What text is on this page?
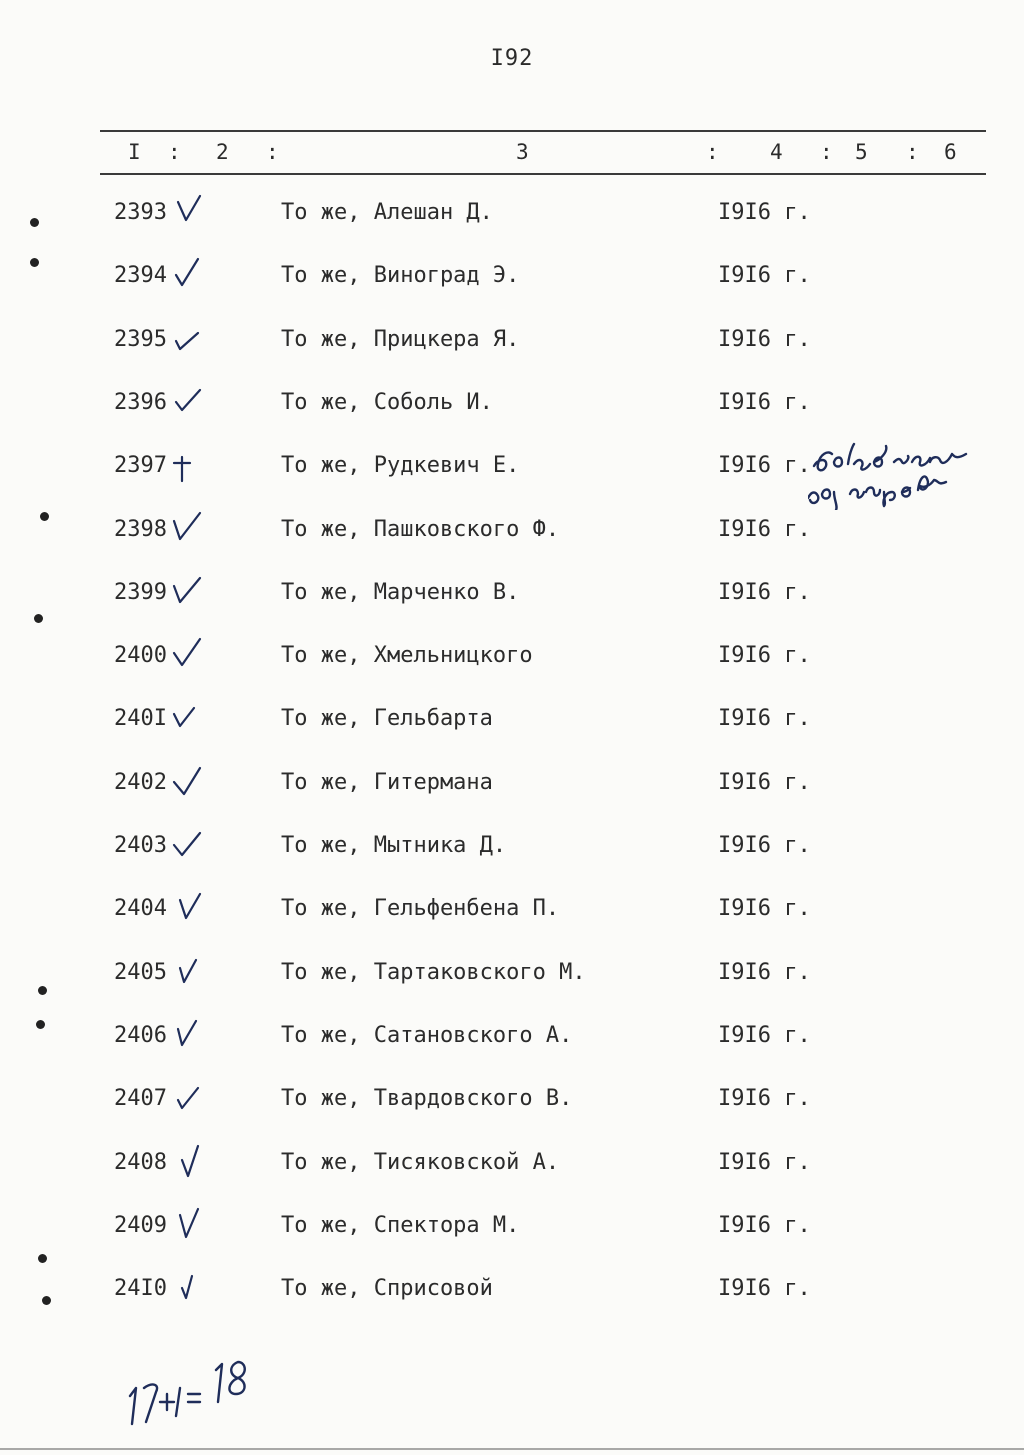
I92
I : 2 :	3	: 4 : 5 : 6
2393	То же, Алешан Д.	I9I6 г.
2394	То же, Виноград Э.	I9I6 г.
2395	То же, Прицкера Я.	I9I6 г.
2396	То же, Соболь И.	I9I6 г.
2397	То же, Рудкевич Е.	I9I6 г.
2398	То же, Пашковского Ф.	I9I6 г.
2399	То же, Марченко В.	I9I6 г.
2400	То же, Хмельницкого	I9I6 г.
240I	То же, Гельбарта	I9I6 г.
2402	То же, Гитермана	I9I6 г.
2403	То же, Мытника Д.	I9I6 г.
2404	То же, Гельфенбена П.	I9I6 г.
2405	То же, Тартаковского М.	I9I6 г.
2406	То же, Сатановского А.	I9I6 г.
2407	То же, Твардовского В.	I9I6 г.
2408	То же, Тисяковской А.	I9I6 г.
2409	То же, Спектора М.	I9I6 г.
24I0	То же, Сприсовой	I9I6 г.
